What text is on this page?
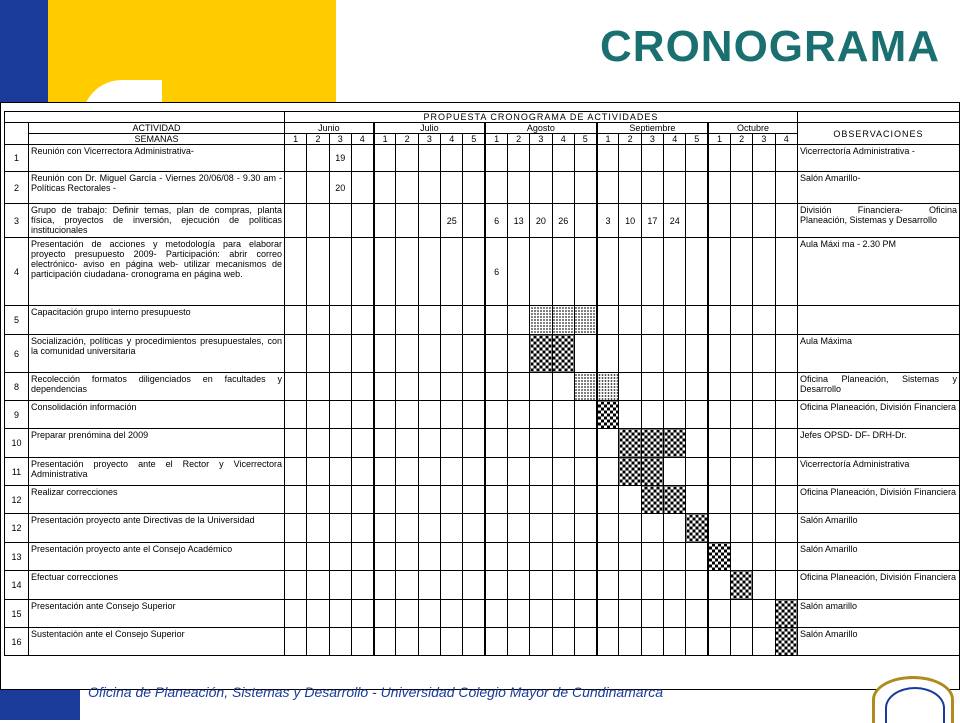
CRONOGRAMA
		PROPUESTA CRONOGRAMA DE ACTIVIDADES																							
	ACTIVIDAD	Junio				Julio					Agosto					Septiembre					Octubre				OBSERVACIONES
	SEMANAS	1	2	3	4	1	2	3	4	5	1	2	3	4	5	1	2	3	4	5	1	2	3	4	
1	Reunión con Vicerrectora Administrativa-			19																					Vicerrectoría Administrativa -
2	Reunión con Dr. Miguel García - Viernes 20/06/08 - 9.30 am - Políticas Rectorales -			20																					Salón Amarillo-
3	Grupo de trabajo: Definir temas, plan de compras, planta física, proyectos de inversión, ejecución de políticas institucionales								25		6	13	20	26		3	10	17	24						División Financiera- Oficina Planeación, Sistemas y Desarrollo
4	Presentación de acciones y metodología para elaborar proyecto presupuesto 2009- Participación: abrir correo electrónico- aviso en página web- utilizar mecanismos de participación ciudadana- cronograma en página web.										6														Aula Máxi ma - 2.30 PM
5	Capacitación grupo interno presupuesto																								
6	Socialización, políticas y procedimientos presupuestales, con la comunidad universitaria																								Aula Máxima
8	Recolección formatos diligenciados en facultades y dependencias																								Oficina Planeación, Sistemas y Desarrollo
9	Consolidación información																								Oficina Planeación, División Financiera
10	Preparar prenómina del 2009																								Jefes OPSD- DF- DRH-Dr.
11	Presentación proyecto ante el Rector y Vicerrectora Administrativa																								Vicerrectoría Administrativa
12	Realizar correcciones																								Oficina Planeación, División Financiera
12	Presentación proyecto ante Directivas de la Universidad																								Salón Amarillo
13	Presentación proyecto ante el Consejo Académico																								Salón Amarillo
14	Efectuar correcciones																								Oficina Planeación, División Financiera
15	Presentación ante Consejo Superior																								Salón amarillo
16	Sustentación ante el Consejo Superior																								Salón Amarillo
Oficina de Planeación, Sistemas y Desarrollo - Universidad Colegio Mayor de Cundinamarca
